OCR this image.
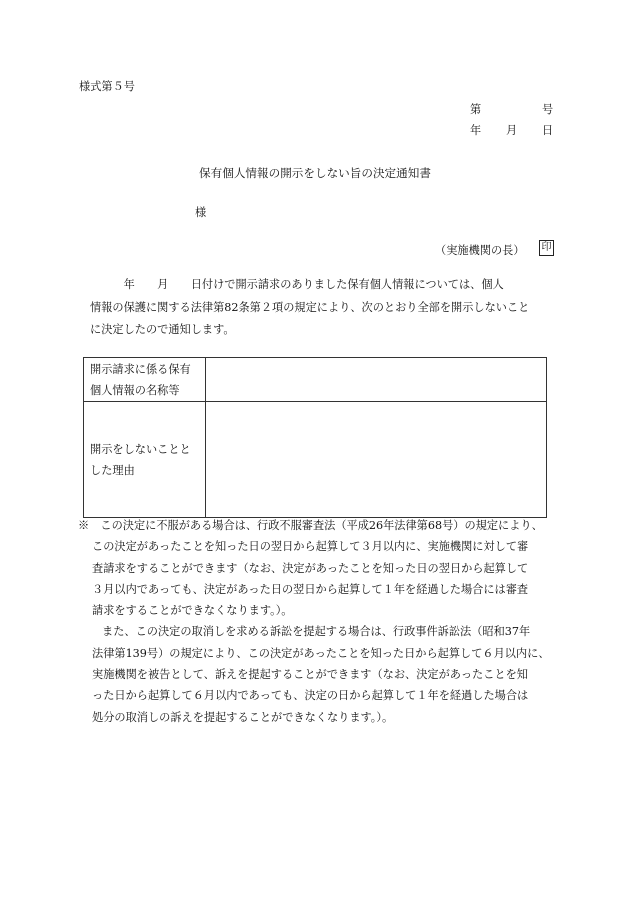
様式第５号
第	号
年 月 日
保有個人情報の開示をしない旨の決定通知書
様
（実施機関の長） 印
　　　年　　月　　日付けで開示請求のありました保有個人情報については、個人
情報の保護に関する法律第82条第２項の規定により、次のとおり全部を開示しないこと
に決定したので通知します。
開示請求に係る保有
個人情報の名称等	

開示をしないことと
した理由	

※　この決定に不服がある場合は、行政不服審査法（平成26年法律第68号）の規定により、
この決定があったことを知った日の翌日から起算して３月以内に、実施機関に対して審
査請求をすることができます（なお、決定があったことを知った日の翌日から起算して
３月以内であっても、決定があった日の翌日から起算して１年を経過した場合には審査
請求をすることができなくなります。）。
また、この決定の取消しを求める訴訟を提起する場合は、行政事件訴訟法（昭和37年
法律第139号）の規定により、この決定があったことを知った日から起算して６月以内に、
実施機関を被告として、訴えを提起することができます（なお、決定があったことを知
った日から起算して６月以内であっても、決定の日から起算して１年を経過した場合は
処分の取消しの訴えを提起することができなくなります。）。
